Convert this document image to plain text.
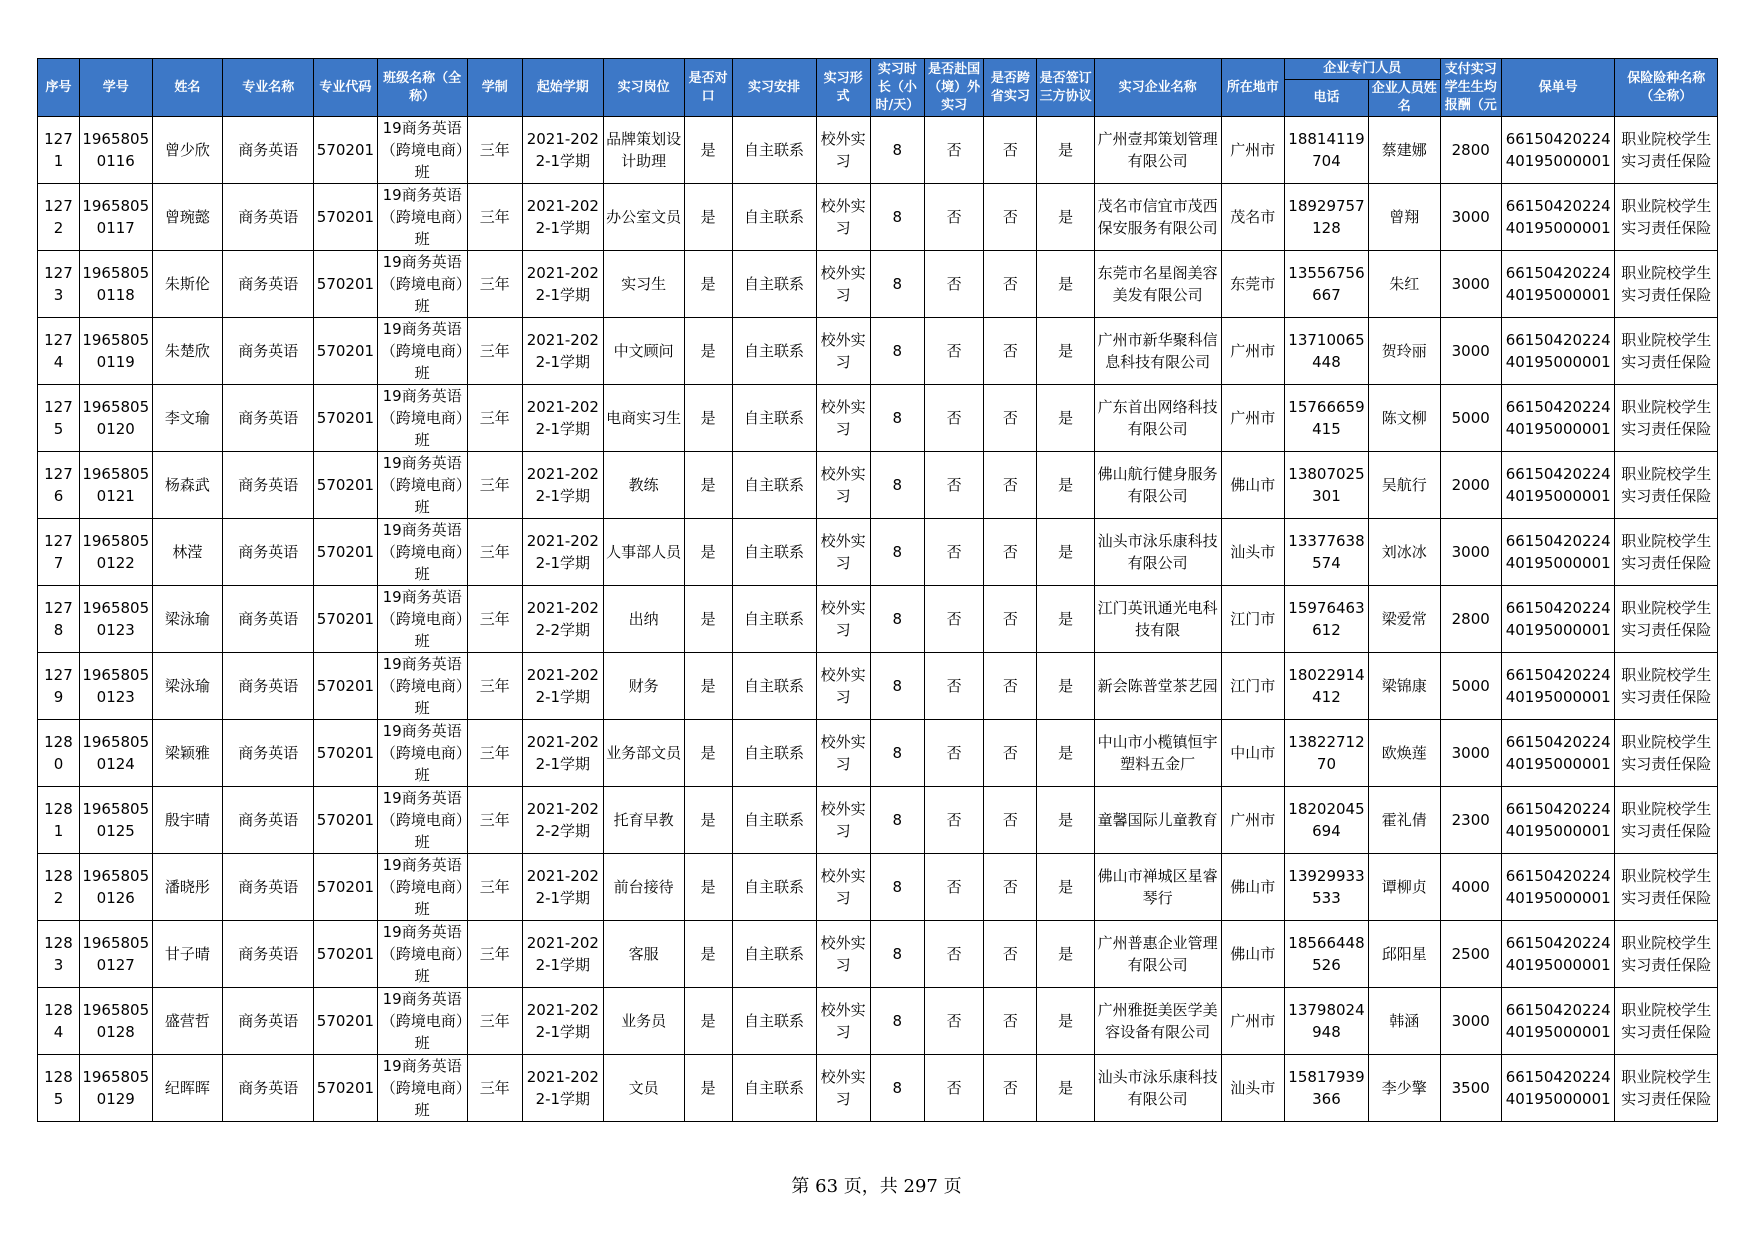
序号	学号	姓名	专业名称	专业代码	班级名称（全称）	学制	起始学期	实习岗位	是否对口	实习安排	实习形式	实习时长（小时/天）	是否赴国（境）外实习	是否跨省实习	是否签订三方协议	实习企业名称	所在地市	企业专门人员		支付实习学生生均报酬（元	保单号	保险险种名称（全称）
																		电话	企业人员姓名			

1271	19658050116	曾少欣	商务英语	570201	19商务英语（跨境电商）班	三年	2021-2022-1学期	品牌策划设计助理	是	自主联系	校外实习	8	否	否	是	广州壹邦策划管理有限公司	广州市	18814119704	蔡建娜	2800	6615042022440195000001	职业院校学生实习责任保险

1272	19658050117	曾琬懿	商务英语	570201	19商务英语（跨境电商）班	三年	2021-2022-1学期	办公室文员	是	自主联系	校外实习	8	否	否	是	茂名市信宜市茂西保安服务有限公司	茂名市	18929757128	曾翔	3000	6615042022440195000001	职业院校学生实习责任保险

1273	19658050118	朱斯伦	商务英语	570201	19商务英语（跨境电商）班	三年	2021-2022-1学期	实习生	是	自主联系	校外实习	8	否	否	是	东莞市名星阁美容美发有限公司	东莞市	13556756667	朱红	3000	6615042022440195000001	职业院校学生实习责任保险

1274	19658050119	朱楚欣	商务英语	570201	19商务英语（跨境电商）班	三年	2021-2022-1学期	中文顾问	是	自主联系	校外实习	8	否	否	是	广州市新华聚科信息科技有限公司	广州市	13710065448	贺玲丽	3000	6615042022440195000001	职业院校学生实习责任保险

1275	19658050120	李文瑜	商务英语	570201	19商务英语（跨境电商）班	三年	2021-2022-1学期	电商实习生	是	自主联系	校外实习	8	否	否	是	广东首出网络科技有限公司	广州市	15766659415	陈文柳	5000	6615042022440195000001	职业院校学生实习责任保险

1276	19658050121	杨森武	商务英语	570201	19商务英语（跨境电商）班	三年	2021-2022-1学期	教练	是	自主联系	校外实习	8	否	否	是	佛山航行健身服务有限公司	佛山市	13807025301	吴航行	2000	6615042022440195000001	职业院校学生实习责任保险

1277	19658050122	林滢	商务英语	570201	19商务英语（跨境电商）班	三年	2021-2022-1学期	人事部人员	是	自主联系	校外实习	8	否	否	是	汕头市泳乐康科技有限公司	汕头市	13377638574	刘冰冰	3000	6615042022440195000001	职业院校学生实习责任保险

1278	19658050123	梁泳瑜	商务英语	570201	19商务英语（跨境电商）班	三年	2021-2022-2学期	出纳	是	自主联系	校外实习	8	否	否	是	江门英讯通光电科技有限	江门市	15976463612	梁爱常	2800	6615042022440195000001	职业院校学生实习责任保险

1279	19658050123	梁泳瑜	商务英语	570201	19商务英语（跨境电商）班	三年	2021-2022-1学期	财务	是	自主联系	校外实习	8	否	否	是	新会陈普堂茶艺园	江门市	18022914412	梁锦康	5000	6615042022440195000001	职业院校学生实习责任保险

1280	19658050124	梁颖雅	商务英语	570201	19商务英语（跨境电商）班	三年	2021-2022-1学期	业务部文员	是	自主联系	校外实习	8	否	否	是	中山市小榄镇恒宇塑料五金厂	中山市	1382271270	欧焕莲	3000	6615042022440195000001	职业院校学生实习责任保险

1281	19658050125	殷宇晴	商务英语	570201	19商务英语（跨境电商）班	三年	2021-2022-2学期	托育早教	是	自主联系	校外实习	8	否	否	是	童馨国际儿童教育	广州市	18202045694	霍礼倩	2300	6615042022440195000001	职业院校学生实习责任保险

1282	19658050126	潘晓彤	商务英语	570201	19商务英语（跨境电商）班	三年	2021-2022-1学期	前台接待	是	自主联系	校外实习	8	否	否	是	佛山市禅城区星睿琴行	佛山市	13929933533	谭柳贞	4000	6615042022440195000001	职业院校学生实习责任保险

1283	19658050127	甘子晴	商务英语	570201	19商务英语（跨境电商）班	三年	2021-2022-1学期	客服	是	自主联系	校外实习	8	否	否	是	广州普惠企业管理有限公司	佛山市	18566448526	邱阳星	2500	6615042022440195000001	职业院校学生实习责任保险

1284	19658050128	盛营哲	商务英语	570201	19商务英语（跨境电商）班	三年	2021-2022-1学期	业务员	是	自主联系	校外实习	8	否	否	是	广州雅挺美医学美容设备有限公司	广州市	13798024948	韩涵	3000	6615042022440195000001	职业院校学生实习责任保险

1285	19658050129	纪晖晖	商务英语	570201	19商务英语（跨境电商）班	三年	2021-2022-1学期	文员	是	自主联系	校外实习	8	否	否	是	汕头市泳乐康科技有限公司	汕头市	15817939366	李少擎	3500	6615042022440195000001	职业院校学生实习责任保险
第 63 页，共 297 页
